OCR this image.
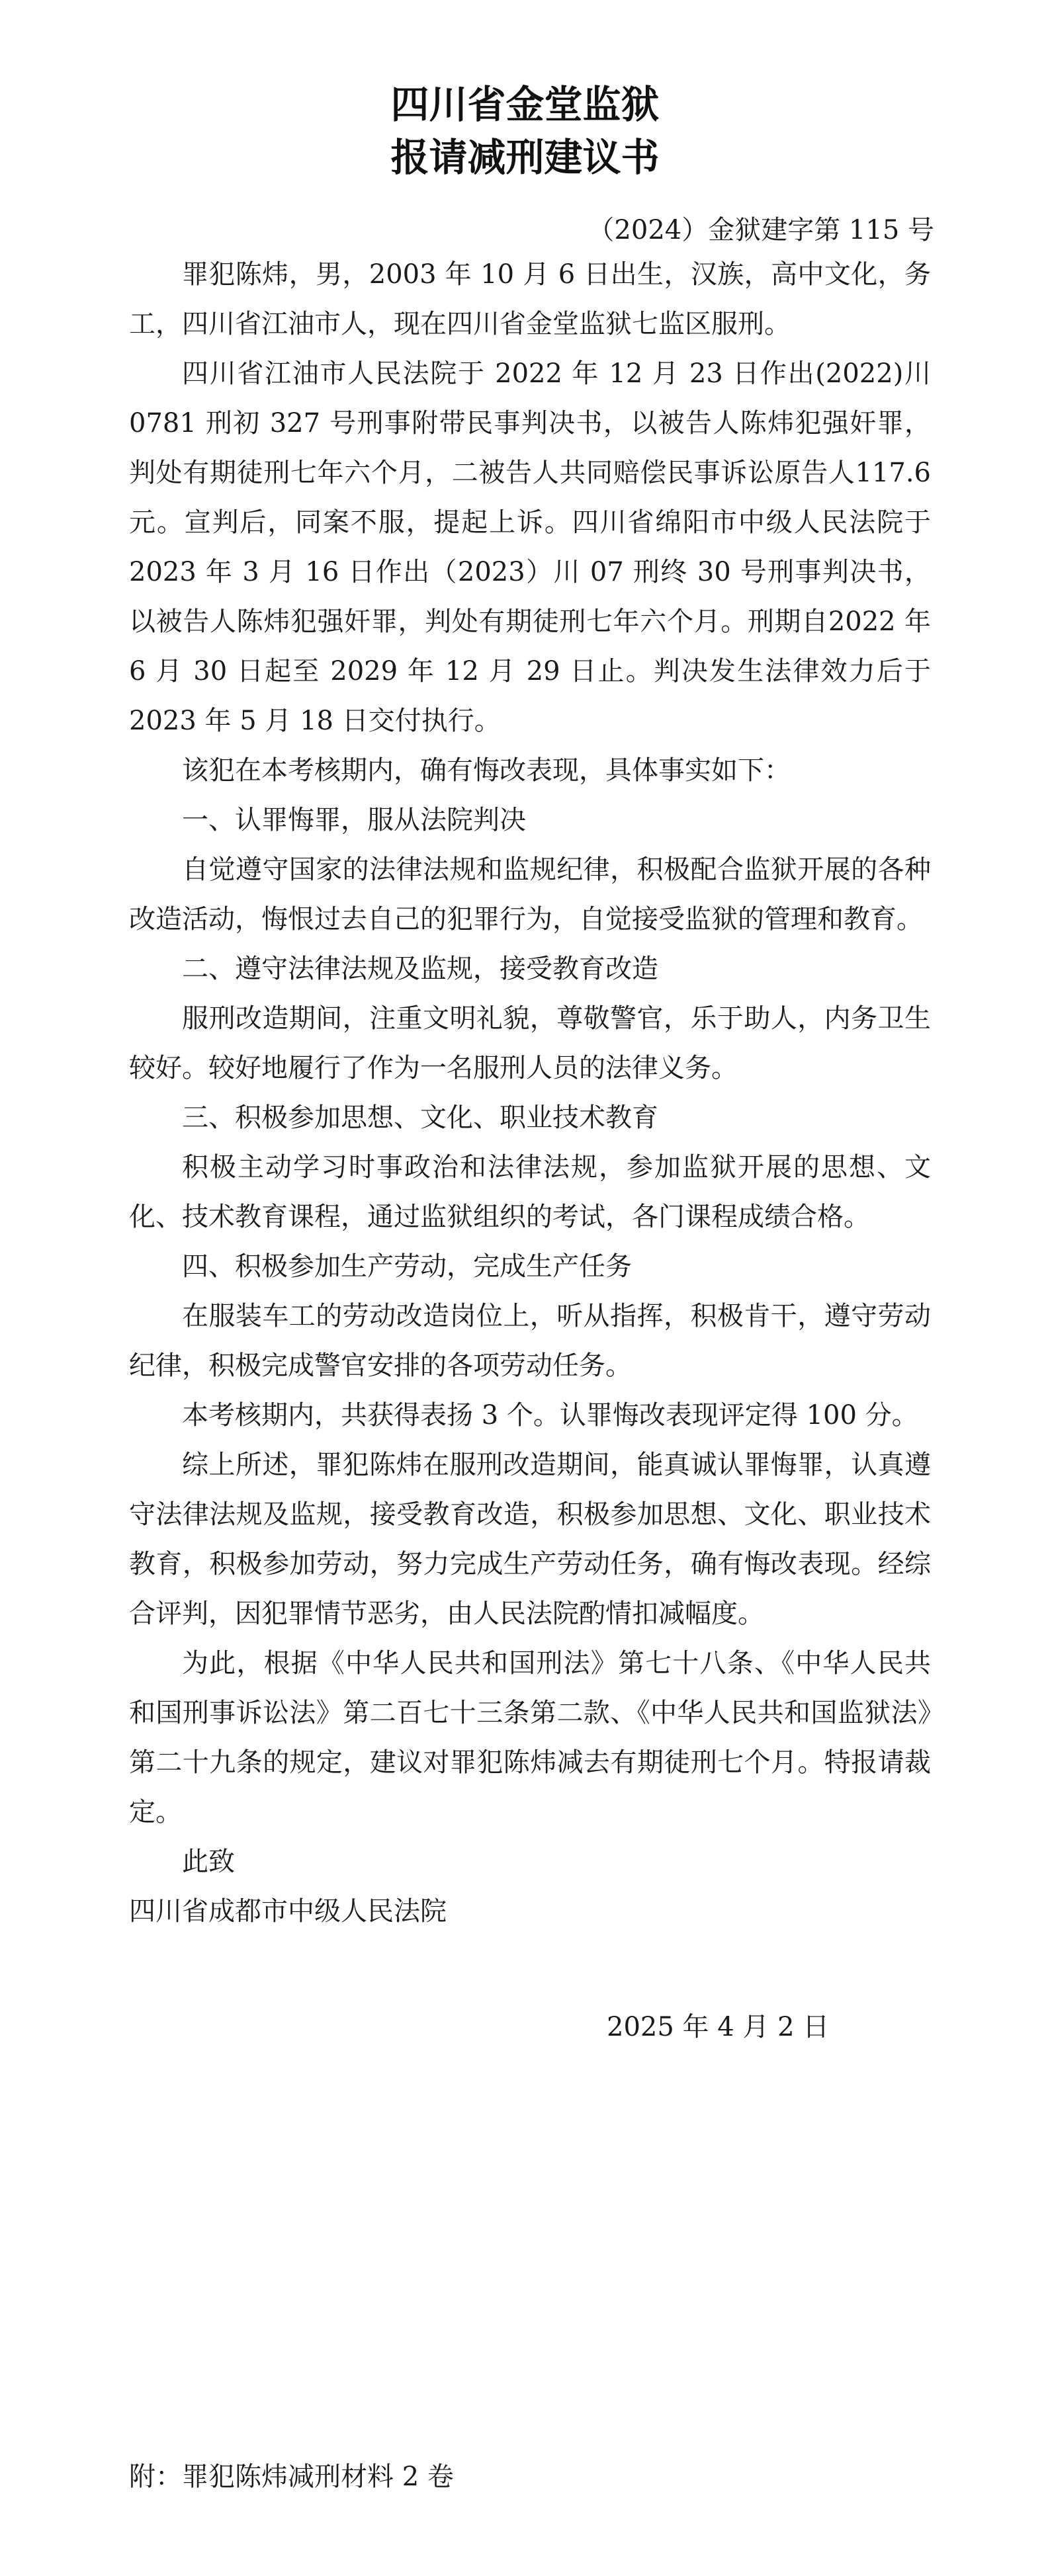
四川省金堂监狱
报请减刑建议书
（2024）金狱建字第 115 号

罪犯陈炜，男，2003 年 10 月 6 日出生，汉族，高中文化，务工，四川省江油市人，现在四川省金堂监狱七监区服刑。

四川省江油市人民法院于 2022 年 12 月 23 日作出(2022)川0781 刑初 327 号刑事附带民事判决书，以被告人陈炜犯强奸罪，判处有期徒刑七年六个月，二被告人共同赔偿民事诉讼原告人117.6 元。宣判后，同案不服，提起上诉。四川省绵阳市中级人民法院于 2023 年 3 月 16 日作出（2023）川 07 刑终 30 号刑事判决书，以被告人陈炜犯强奸罪，判处有期徒刑七年六个月。刑期自2022 年 6 月 30 日起至 2029 年 12 月 29 日止。判决发生法律效力后于 2023 年 5 月 18 日交付执行。

该犯在本考核期内，确有悔改表现，具体事实如下：

一、认罪悔罪，服从法院判决

自觉遵守国家的法律法规和监规纪律，积极配合监狱开展的各种改造活动，悔恨过去自己的犯罪行为，自觉接受监狱的管理和教育。

二、遵守法律法规及监规，接受教育改造

服刑改造期间，注重文明礼貌，尊敬警官，乐于助人，内务卫生较好。较好地履行了作为一名服刑人员的法律义务。

三、积极参加思想、文化、职业技术教育

积极主动学习时事政治和法律法规，参加监狱开展的思想、文化、技术教育课程，通过监狱组织的考试，各门课程成绩合格。

四、积极参加生产劳动，完成生产任务

在服装车工的劳动改造岗位上，听从指挥，积极肯干，遵守劳动纪律，积极完成警官安排的各项劳动任务。

本考核期内，共获得表扬 3 个。认罪悔改表现评定得 100 分。

综上所述，罪犯陈炜在服刑改造期间，能真诚认罪悔罪，认真遵守法律法规及监规，接受教育改造，积极参加思想、文化、职业技术教育，积极参加劳动，努力完成生产劳动任务，确有悔改表现。经综合评判，因犯罪情节恶劣，由人民法院酌情扣减幅度。

为此，根据《中华人民共和国刑法》第七十八条、《中华人民共和国刑事诉讼法》第二百七十三条第二款、《中华人民共和国监狱法》第二十九条的规定，建议对罪犯陈炜减去有期徒刑七个月。特报请裁定。

此致

四川省成都市中级人民法院

2025 年 4 月 2 日
附：罪犯陈炜减刑材料 2 卷
